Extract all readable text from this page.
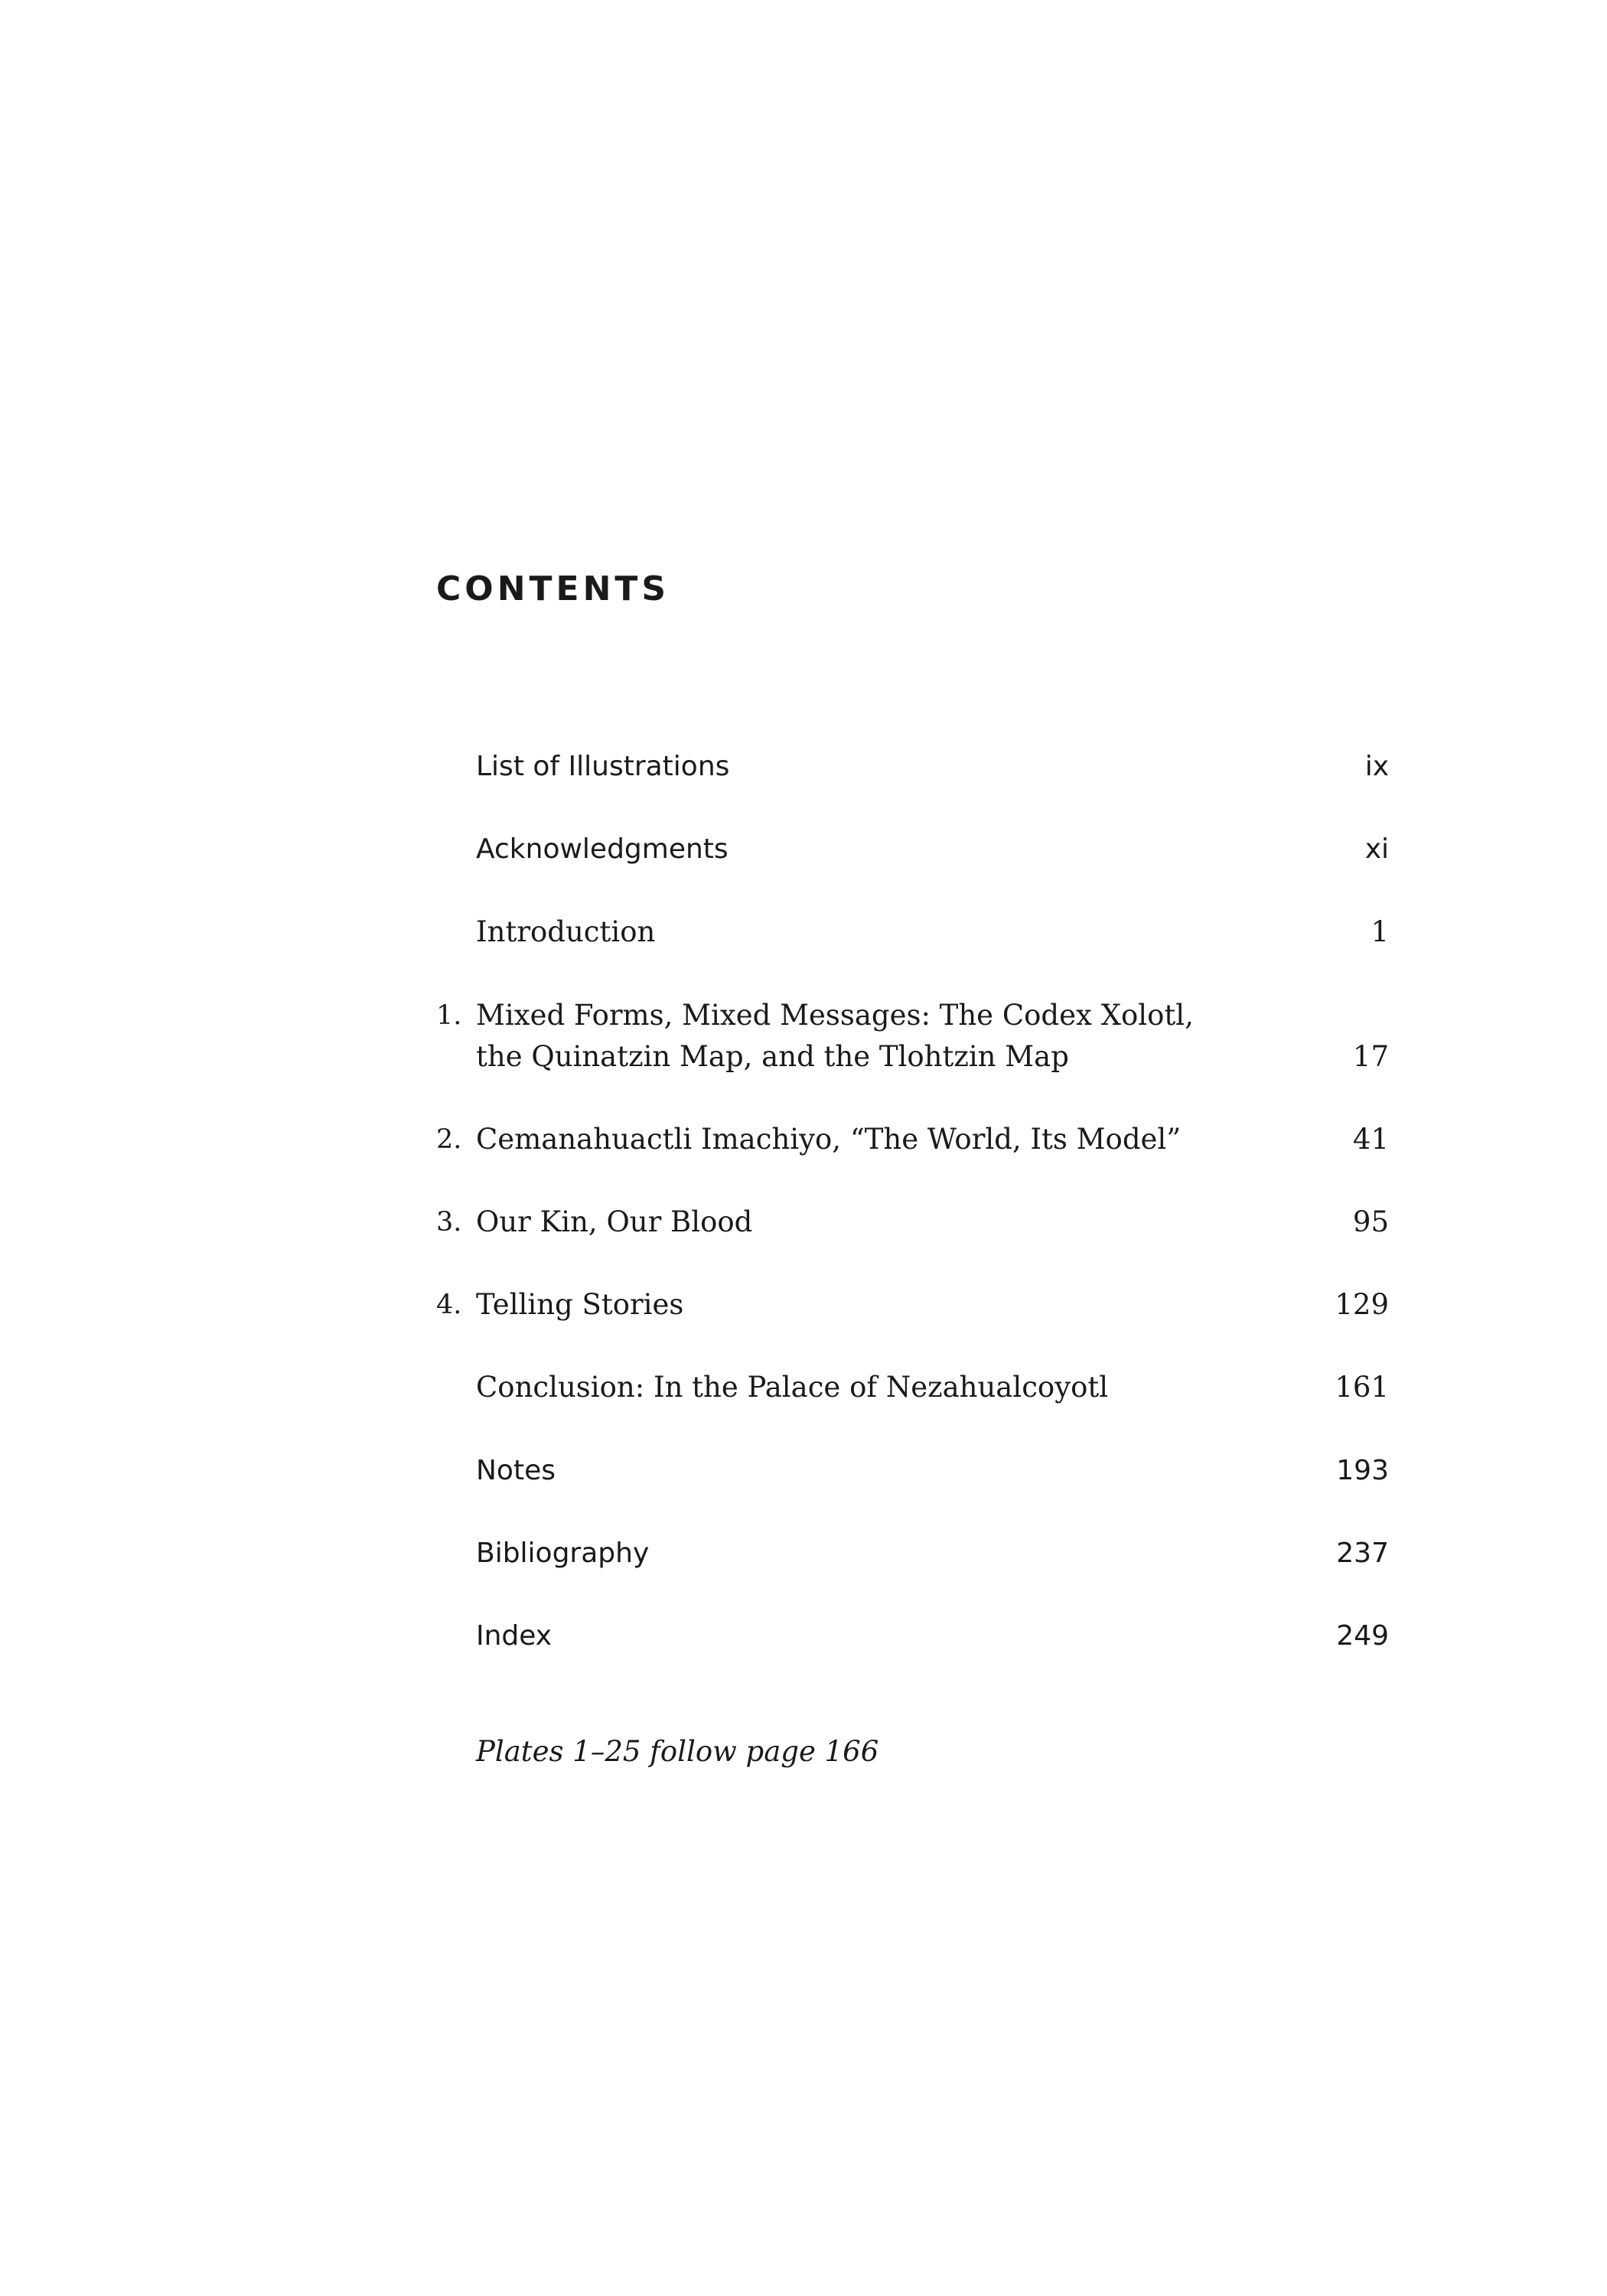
CONTENTS
List of Illustrations	ix
Acknowledgments	xi
Introduction	1
1. Mixed Forms, Mixed Messages: The Codex Xolotl,
the Quinatzin Map, and the Tlohtzin Map	17
2. Cemanahuactli Imachiyo, “The World, Its Model”	41
3. Our Kin, Our Blood	95
4. Telling Stories	129
Conclusion: In the Palace of Nezahualcoyotl	161
Notes	193
Bibliography	237
Index	249
Plates 1–25 follow page 166
